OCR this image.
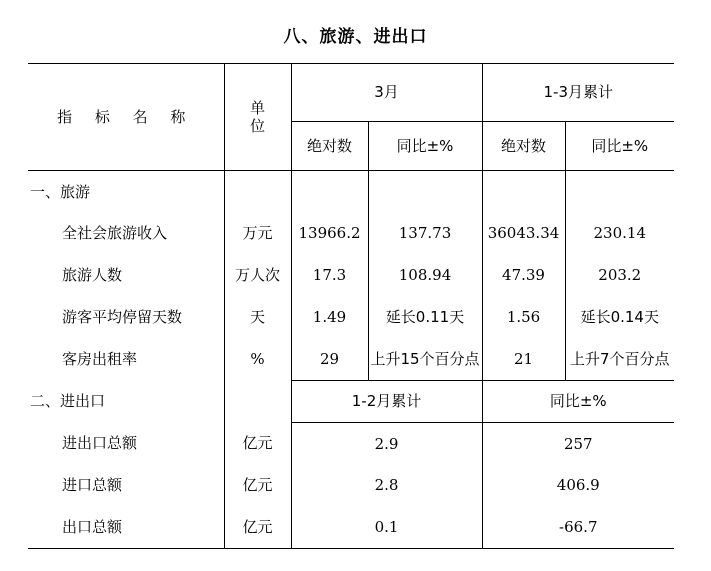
八、旅游、进出口
指 标 名 称	单位	3月		1-3月累计	
		绝对数	同比±%	绝对数	同比±%
一、旅游					
全社会旅游收入	万元	13966.2	137.73	36043.34	230.14
旅游人数	万人次	17.3	108.94	47.39	203.2
游客平均停留天数	天	1.49	延长0.11天	1.56	延长0.14天
客房出租率	%	29	上升15个百分点	21	上升7个百分点
二、进出口		1-2月累计		同比±%	
进出口总额	亿元	2.9		257	
进口总额	亿元	2.8		406.9	
出口总额	亿元	0.1		-66.7	
